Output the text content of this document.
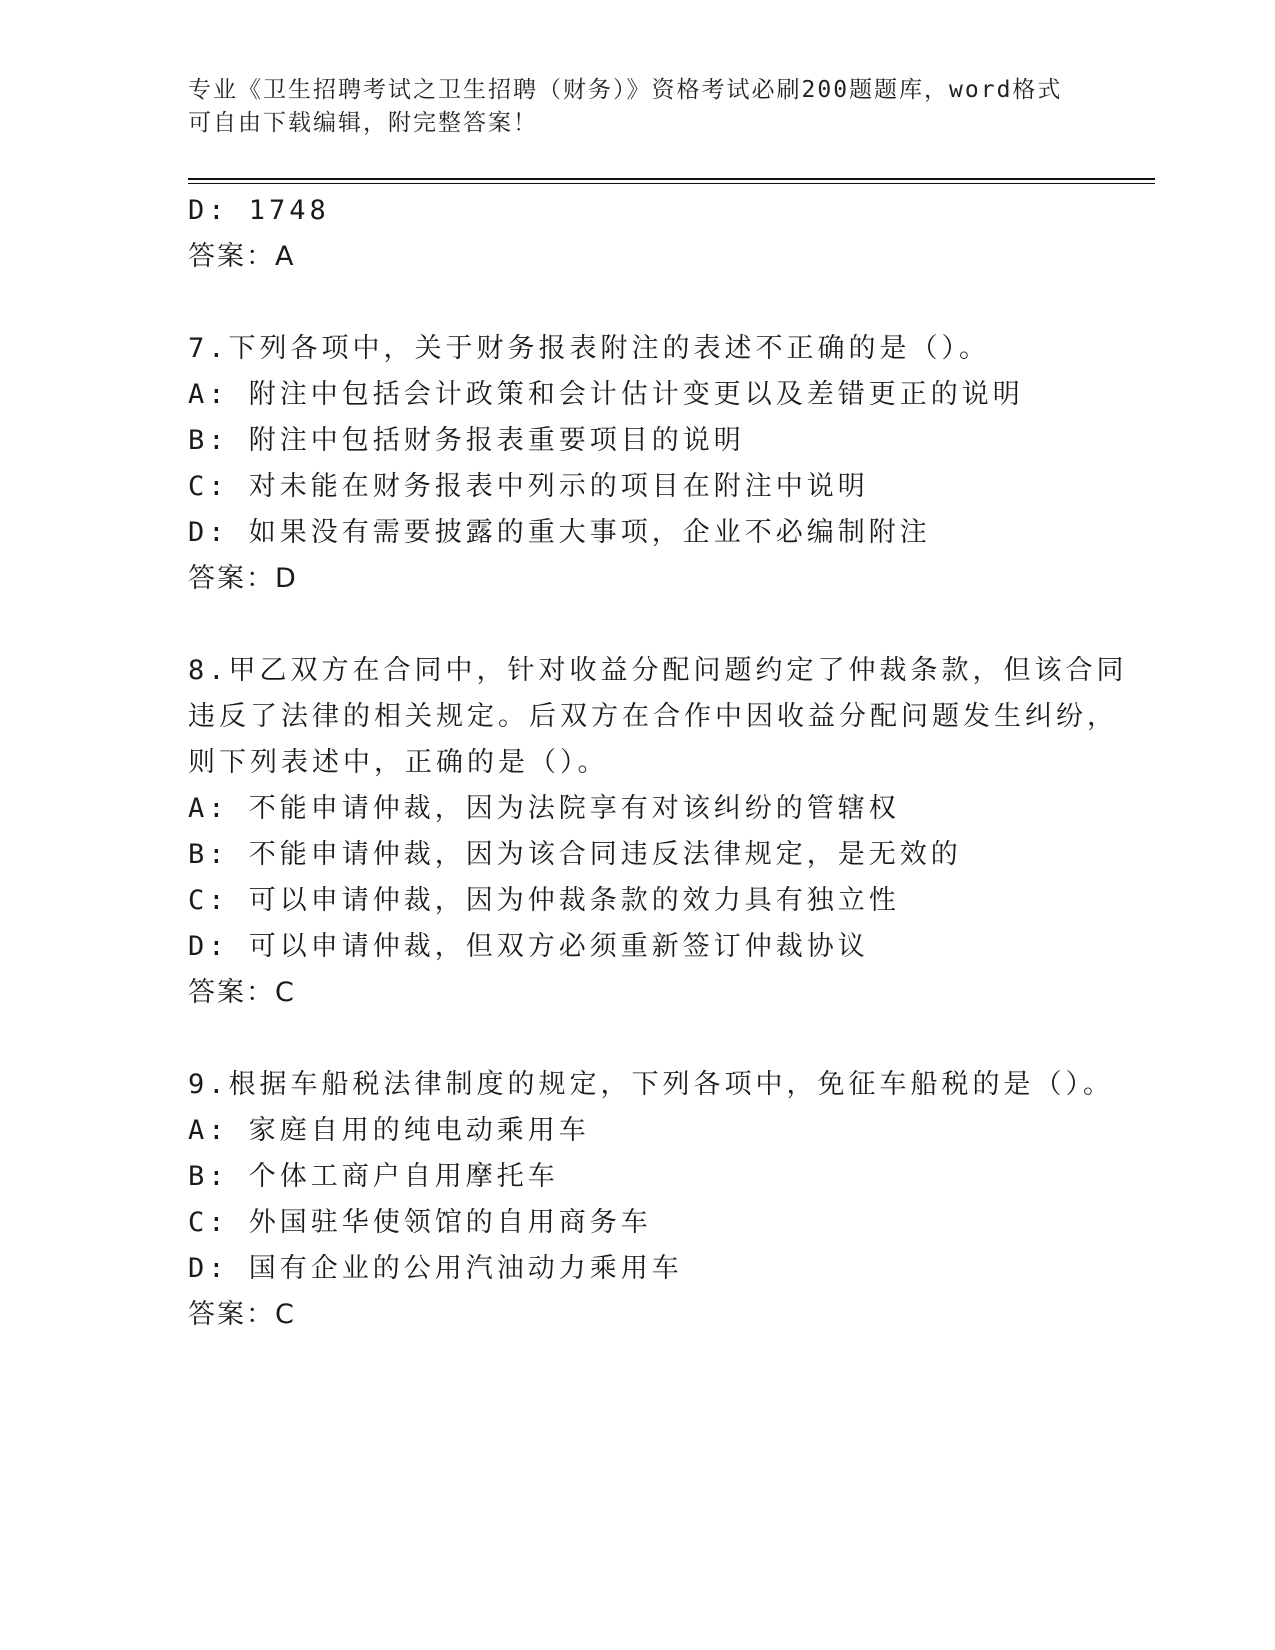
专业《卫生招聘考试之卫生招聘（财务）》资格考试必刷200题题库，word格式
可自由下载编辑，附完整答案！
D: 1748
答案：A
7.下列各项中，关于财务报表附注的表述不正确的是（）。
A: 附注中包括会计政策和会计估计变更以及差错更正的说明
B: 附注中包括财务报表重要项目的说明
C: 对未能在财务报表中列示的项目在附注中说明
D: 如果没有需要披露的重大事项，企业不必编制附注
答案：D
8.甲乙双方在合同中，针对收益分配问题约定了仲裁条款，但该合同
违反了法律的相关规定。后双方在合作中因收益分配问题发生纠纷，
则下列表述中，正确的是（）。
A: 不能申请仲裁，因为法院享有对该纠纷的管辖权
B: 不能申请仲裁，因为该合同违反法律规定，是无效的
C: 可以申请仲裁，因为仲裁条款的效力具有独立性
D: 可以申请仲裁，但双方必须重新签订仲裁协议
答案：C
9.根据车船税法律制度的规定，下列各项中，免征车船税的是（）。
A: 家庭自用的纯电动乘用车
B: 个体工商户自用摩托车
C: 外国驻华使领馆的自用商务车
D: 国有企业的公用汽油动力乘用车
答案：C
